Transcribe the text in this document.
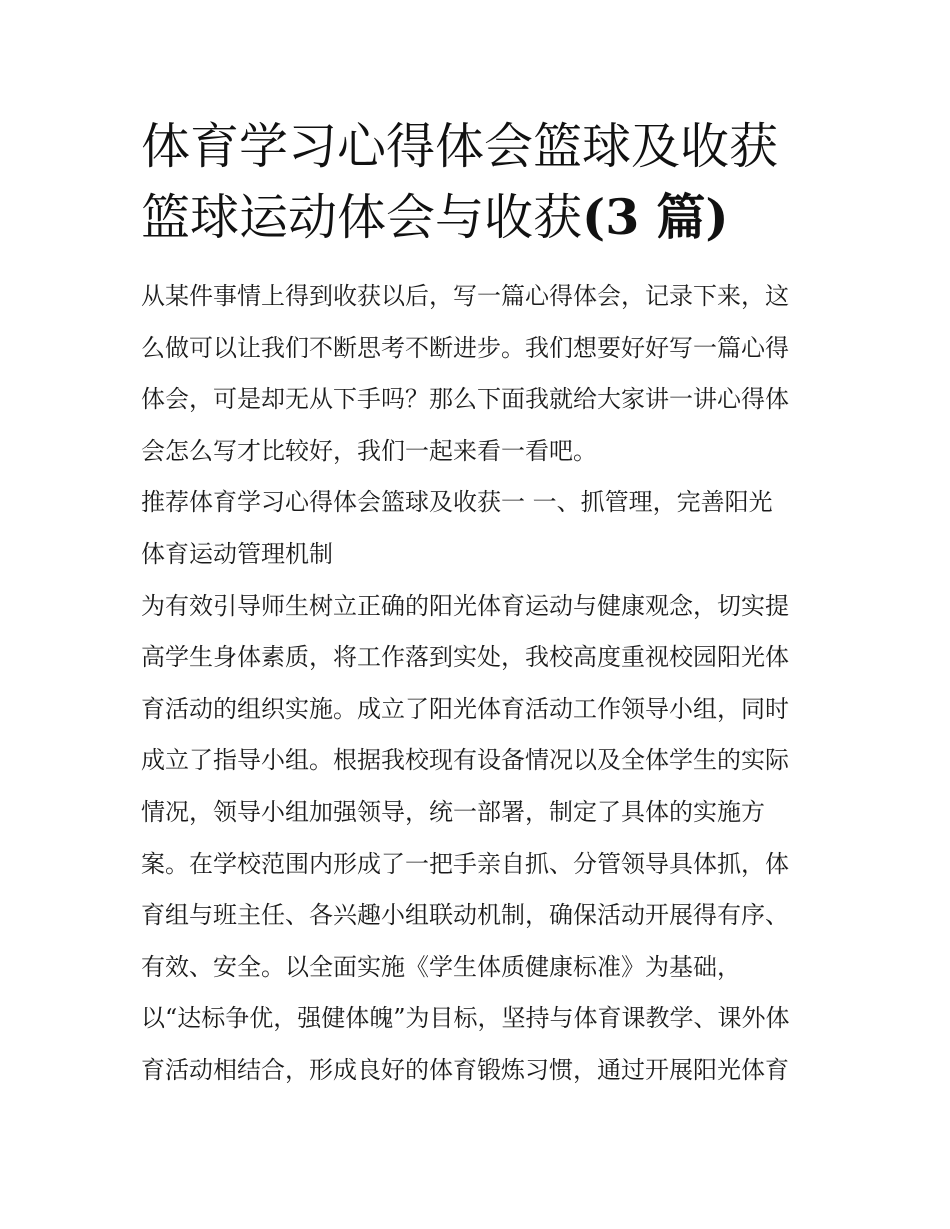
体育学习心得体会篮球及收获
篮球运动体会与收获(3 篇)

从某件事情上得到收获以后，写一篇心得体会，记录下来，这
么做可以让我们不断思考不断进步。我们想要好好写一篇心得
体会，可是却无从下手吗？那么下面我就给大家讲一讲心得体
会怎么写才比较好，我们一起来看一看吧。

推荐体育学习心得体会篮球及收获一 一、抓管理，完善阳光
体育运动管理机制

为有效引导师生树立正确的阳光体育运动与健康观念，切实提
高学生身体素质，将工作落到实处，我校高度重视校园阳光体
育活动的组织实施。成立了阳光体育活动工作领导小组，同时
成立了指导小组。根据我校现有设备情况以及全体学生的实际
情况，领导小组加强领导，统一部署，制定了具体的实施方
案。在学校范围内形成了一把手亲自抓、分管领导具体抓，体
育组与班主任、各兴趣小组联动机制，确保活动开展得有序、
有效、安全。以全面实施《学生体质健康标准》为基础，
以“达标争优，强健体魄”为目标，坚持与体育课教学、课外体
育活动相结合，形成良好的体育锻炼习惯，通过开展阳光体育
